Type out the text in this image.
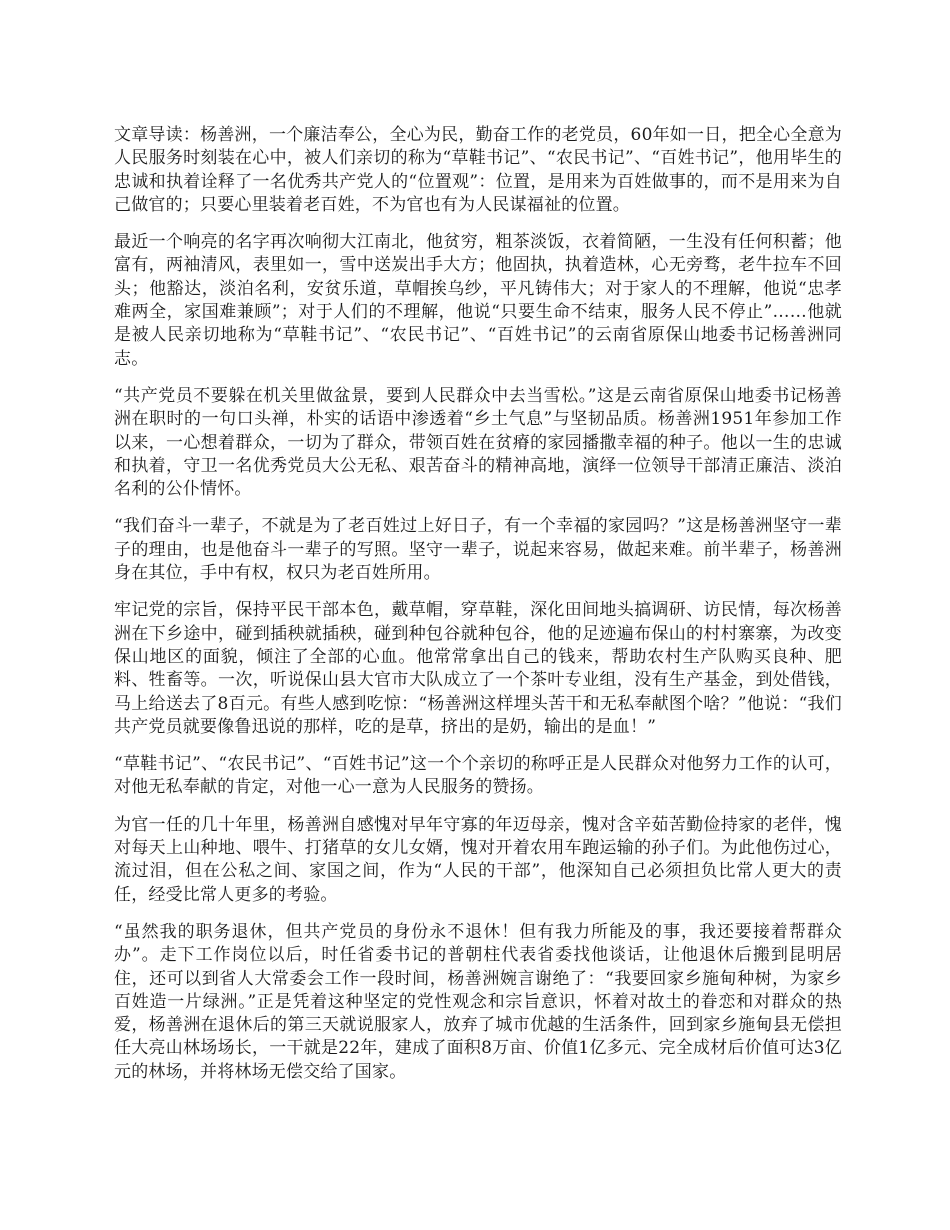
文章导读：杨善洲，一个廉洁奉公，全心为民，勤奋工作的老党员，60年如一日，把全心全意为人民服务时刻装在心中，被人们亲切的称为“草鞋书记”、“农民书记”、“百姓书记”，他用毕生的忠诚和执着诠释了一名优秀共产党人的“位置观”：位置，是用来为百姓做事的，而不是用来为自己做官的；只要心里装着老百姓，不为官也有为人民谋福祉的位置。

最近一个响亮的名字再次响彻大江南北，他贫穷，粗茶淡饭，衣着简陋，一生没有任何积蓄；他富有，两袖清风，表里如一，雪中送炭出手大方；他固执，执着造林，心无旁骛，老牛拉车不回头；他豁达，淡泊名利，安贫乐道，草帽挨乌纱，平凡铸伟大；对于家人的不理解，他说“忠孝难两全，家国难兼顾”；对于人们的不理解，他说“只要生命不结束，服务人民不停止”……他就是被人民亲切地称为“草鞋书记”、“农民书记”、“百姓书记”的云南省原保山地委书记杨善洲同志。

“共产党员不要躲在机关里做盆景，要到人民群众中去当雪松。”这是云南省原保山地委书记杨善洲在职时的一句口头禅，朴实的话语中渗透着“乡土气息”与坚韧品质。杨善洲1951年参加工作以来，一心想着群众，一切为了群众，带领百姓在贫瘠的家园播撒幸福的种子。他以一生的忠诚和执着，守卫一名优秀党员大公无私、艰苦奋斗的精神高地，演绎一位领导干部清正廉洁、淡泊名利的公仆情怀。

“我们奋斗一辈子，不就是为了老百姓过上好日子，有一个幸福的家园吗？”这是杨善洲坚守一辈子的理由，也是他奋斗一辈子的写照。坚守一辈子，说起来容易，做起来难。前半辈子，杨善洲身在其位，手中有权，权只为老百姓所用。

牢记党的宗旨，保持平民干部本色，戴草帽，穿草鞋，深化田间地头搞调研、访民情，每次杨善洲在下乡途中，碰到插秧就插秧，碰到种包谷就种包谷，他的足迹遍布保山的村村寨寨，为改变保山地区的面貌，倾注了全部的心血。他常常拿出自己的钱来，帮助农村生产队购买良种、肥料、牲畜等。一次，听说保山县大官市大队成立了一个茶叶专业组，没有生产基金，到处借钱，马上给送去了8百元。有些人感到吃惊：“杨善洲这样埋头苦干和无私奉献图个啥？”他说：“我们共产党员就要像鲁迅说的那样，吃的是草，挤出的是奶，输出的是血！”

“草鞋书记”、“农民书记”、“百姓书记”这一个个亲切的称呼正是人民群众对他努力工作的认可，对他无私奉献的肯定，对他一心一意为人民服务的赞扬。

为官一任的几十年里，杨善洲自感愧对早年守寡的年迈母亲，愧对含辛茹苦勤俭持家的老伴，愧对每天上山种地、喂牛、打猪草的女儿女婿，愧对开着农用车跑运输的孙子们。为此他伤过心，流过泪，但在公私之间、家国之间，作为“人民的干部”，他深知自己必须担负比常人更大的责任，经受比常人更多的考验。

“虽然我的职务退休，但共产党员的身份永不退休！但有我力所能及的事，我还要接着帮群众办”。走下工作岗位以后，时任省委书记的普朝柱代表省委找他谈话，让他退休后搬到昆明居住，还可以到省人大常委会工作一段时间，杨善洲婉言谢绝了：“我要回家乡施甸种树，为家乡百姓造一片绿洲。”正是凭着这种坚定的党性观念和宗旨意识，怀着对故土的眷恋和对群众的热爱，杨善洲在退休后的第三天就说服家人，放弃了城市优越的生活条件，回到家乡施甸县无偿担任大亮山林场场长，一干就是22年，建成了面积8万亩、价值1亿多元、完全成材后价值可达3亿元的林场，并将林场无偿交给了国家。
